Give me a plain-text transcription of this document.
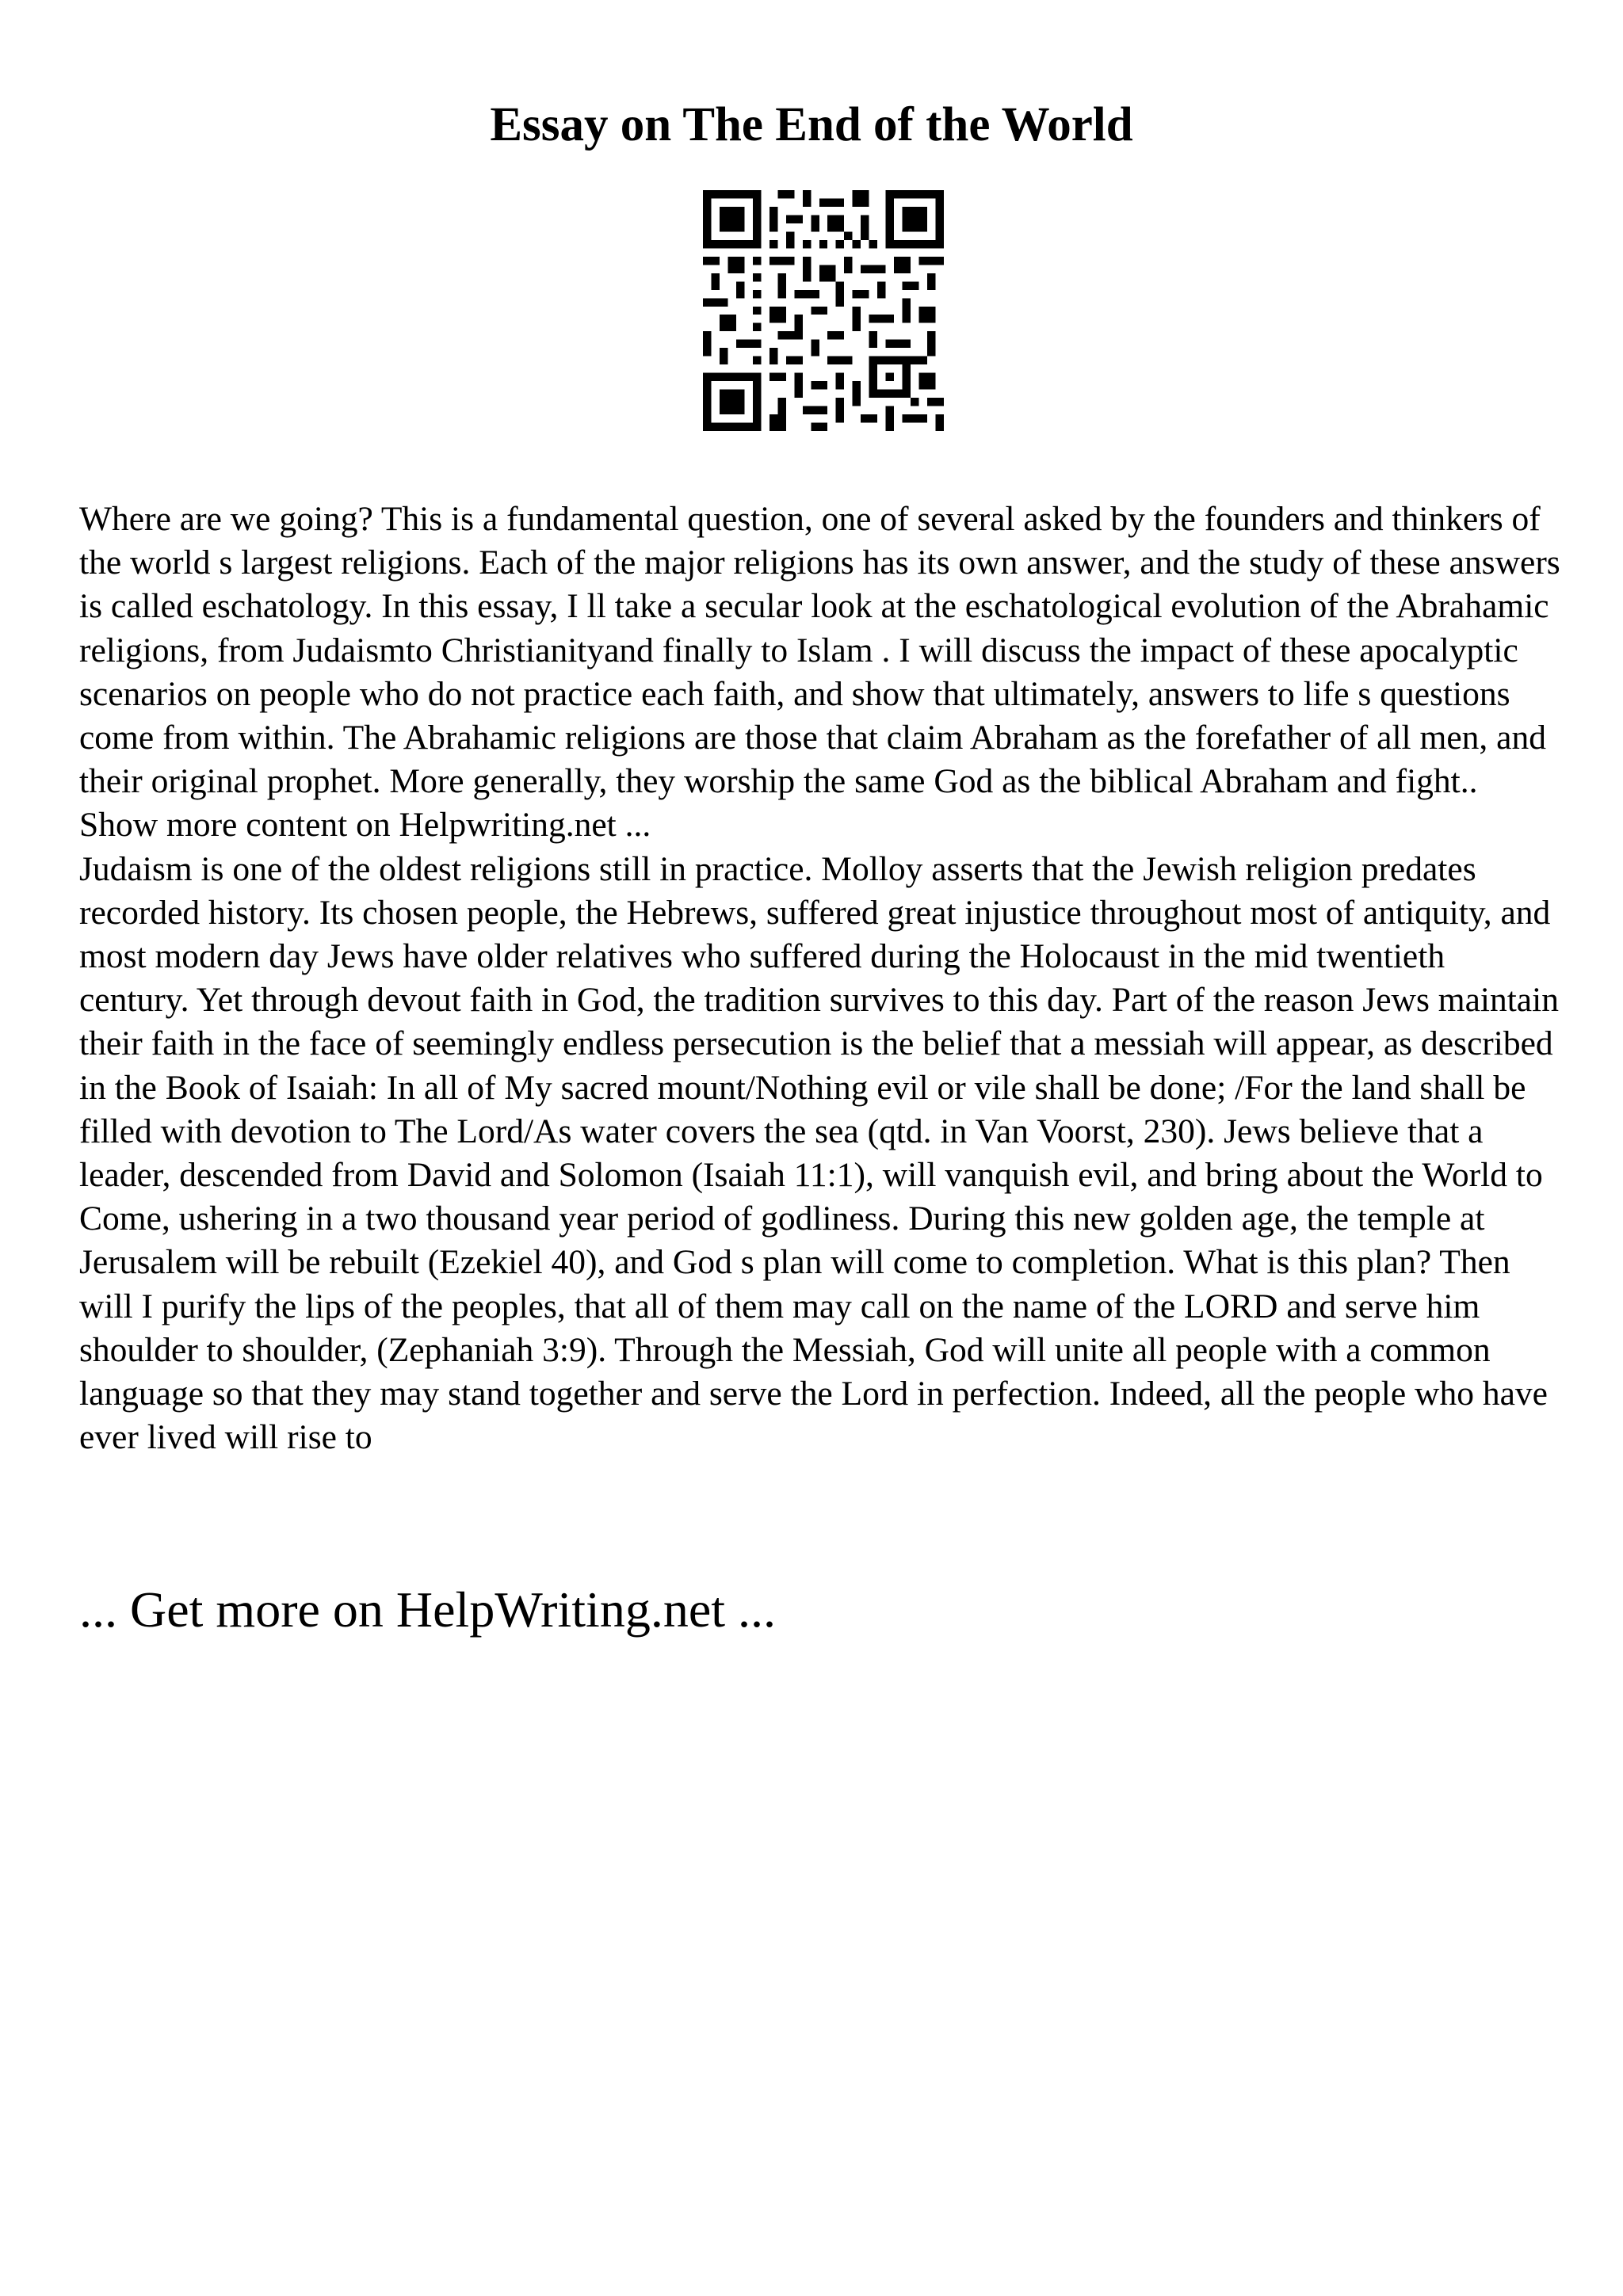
Essay on The End of the World

Where are we going? This is a fundamental question, one of several asked by the founders and thinkers of the world s largest religions. Each of the major religions has its own answer, and the study of these answers is called eschatology. In this essay, I ll take a secular look at the eschatological evolution of the Abrahamic religions, from Judaismto Christianityand finally to Islam . I will discuss the impact of these apocalyptic scenarios on people who do not practice each faith, and show that ultimately, answers to life s questions come from within. The Abrahamic religions are those that claim Abraham as the forefather of all men, and their original prophet. More generally, they worship the same God as the biblical Abraham and fight.. Show more content on Helpwriting.net ...

Judaism is one of the oldest religions still in practice. Molloy asserts that the Jewish religion predates recorded history. Its chosen people, the Hebrews, suffered great injustice throughout most of antiquity, and most modern day Jews have older relatives who suffered during the Holocaust in the mid twentieth century. Yet through devout faith in God, the tradition survives to this day. Part of the reason Jews maintain their faith in the face of seemingly endless persecution is the belief that a messiah will appear, as described in the Book of Isaiah: In all of My sacred mount/Nothing evil or vile shall be done; /For the land shall be filled with devotion to The Lord/As water covers the sea (qtd. in Van Voorst, 230). Jews believe that a leader, descended from David and Solomon (Isaiah 11:1), will vanquish evil, and bring about the World to Come, ushering in a two thousand year period of godliness. During this new golden age, the temple at Jerusalem will be rebuilt (Ezekiel 40), and God s plan will come to completion. What is this plan? Then will I purify the lips of the peoples, that all of them may call on the name of the LORD and serve him shoulder to shoulder, (Zephaniah 3:9). Through the Messiah, God will unite all people with a common language so that they may stand together and serve the Lord in perfection. Indeed, all the people who have ever lived will rise to

... Get more on HelpWriting.net ...
